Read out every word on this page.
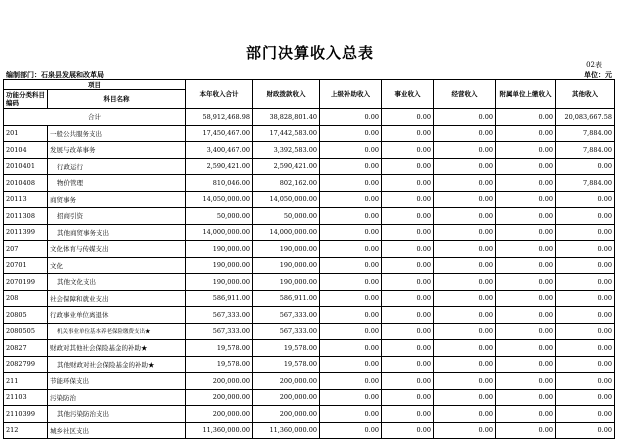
部门决算收入总表
02表
编制部门：石泉县发展和改革局	单位：元
项目		本年收入合计	财政拨款收入	上级补助收入	事业收入	经营收入	附属单位上缴收入	其他收入
功能分类科目编码	科目名称							
合计		58,912,468.98	38,828,801.40	0.00	0.00	0.00	0.00	20,083,667.58
201	一般公共服务支出	17,450,467.00	17,442,583.00	0.00	0.00	0.00	0.00	7,884.00
20104	发展与改革事务	3,400,467.00	3,392,583.00	0.00	0.00	0.00	0.00	7,884.00
2010401	行政运行	2,590,421.00	2,590,421.00	0.00	0.00	0.00	0.00	0.00
2010408	物价管理	810,046.00	802,162.00	0.00	0.00	0.00	0.00	7,884.00
20113	商贸事务	14,050,000.00	14,050,000.00	0.00	0.00	0.00	0.00	0.00
2011308	招商引资	50,000.00	50,000.00	0.00	0.00	0.00	0.00	0.00
2011399	其他商贸事务支出	14,000,000.00	14,000,000.00	0.00	0.00	0.00	0.00	0.00
207	文化体育与传媒支出	190,000.00	190,000.00	0.00	0.00	0.00	0.00	0.00
20701	文化	190,000.00	190,000.00	0.00	0.00	0.00	0.00	0.00
2070199	其他文化支出	190,000.00	190,000.00	0.00	0.00	0.00	0.00	0.00
208	社会保障和就业支出	586,911.00	586,911.00	0.00	0.00	0.00	0.00	0.00
20805	行政事业单位离退休	567,333.00	567,333.00	0.00	0.00	0.00	0.00	0.00
2080505	机关事业单位基本养老保险缴费支出★	567,333.00	567,333.00	0.00	0.00	0.00	0.00	0.00
20827	财政对其他社会保险基金的补助★	19,578.00	19,578.00	0.00	0.00	0.00	0.00	0.00
2082799	其他财政对社会保险基金的补助★	19,578.00	19,578.00	0.00	0.00	0.00	0.00	0.00
211	节能环保支出	200,000.00	200,000.00	0.00	0.00	0.00	0.00	0.00
21103	污染防治	200,000.00	200,000.00	0.00	0.00	0.00	0.00	0.00
2110399	其他污染防治支出	200,000.00	200,000.00	0.00	0.00	0.00	0.00	0.00
212	城乡社区支出	11,360,000.00	11,360,000.00	0.00	0.00	0.00	0.00	0.00
